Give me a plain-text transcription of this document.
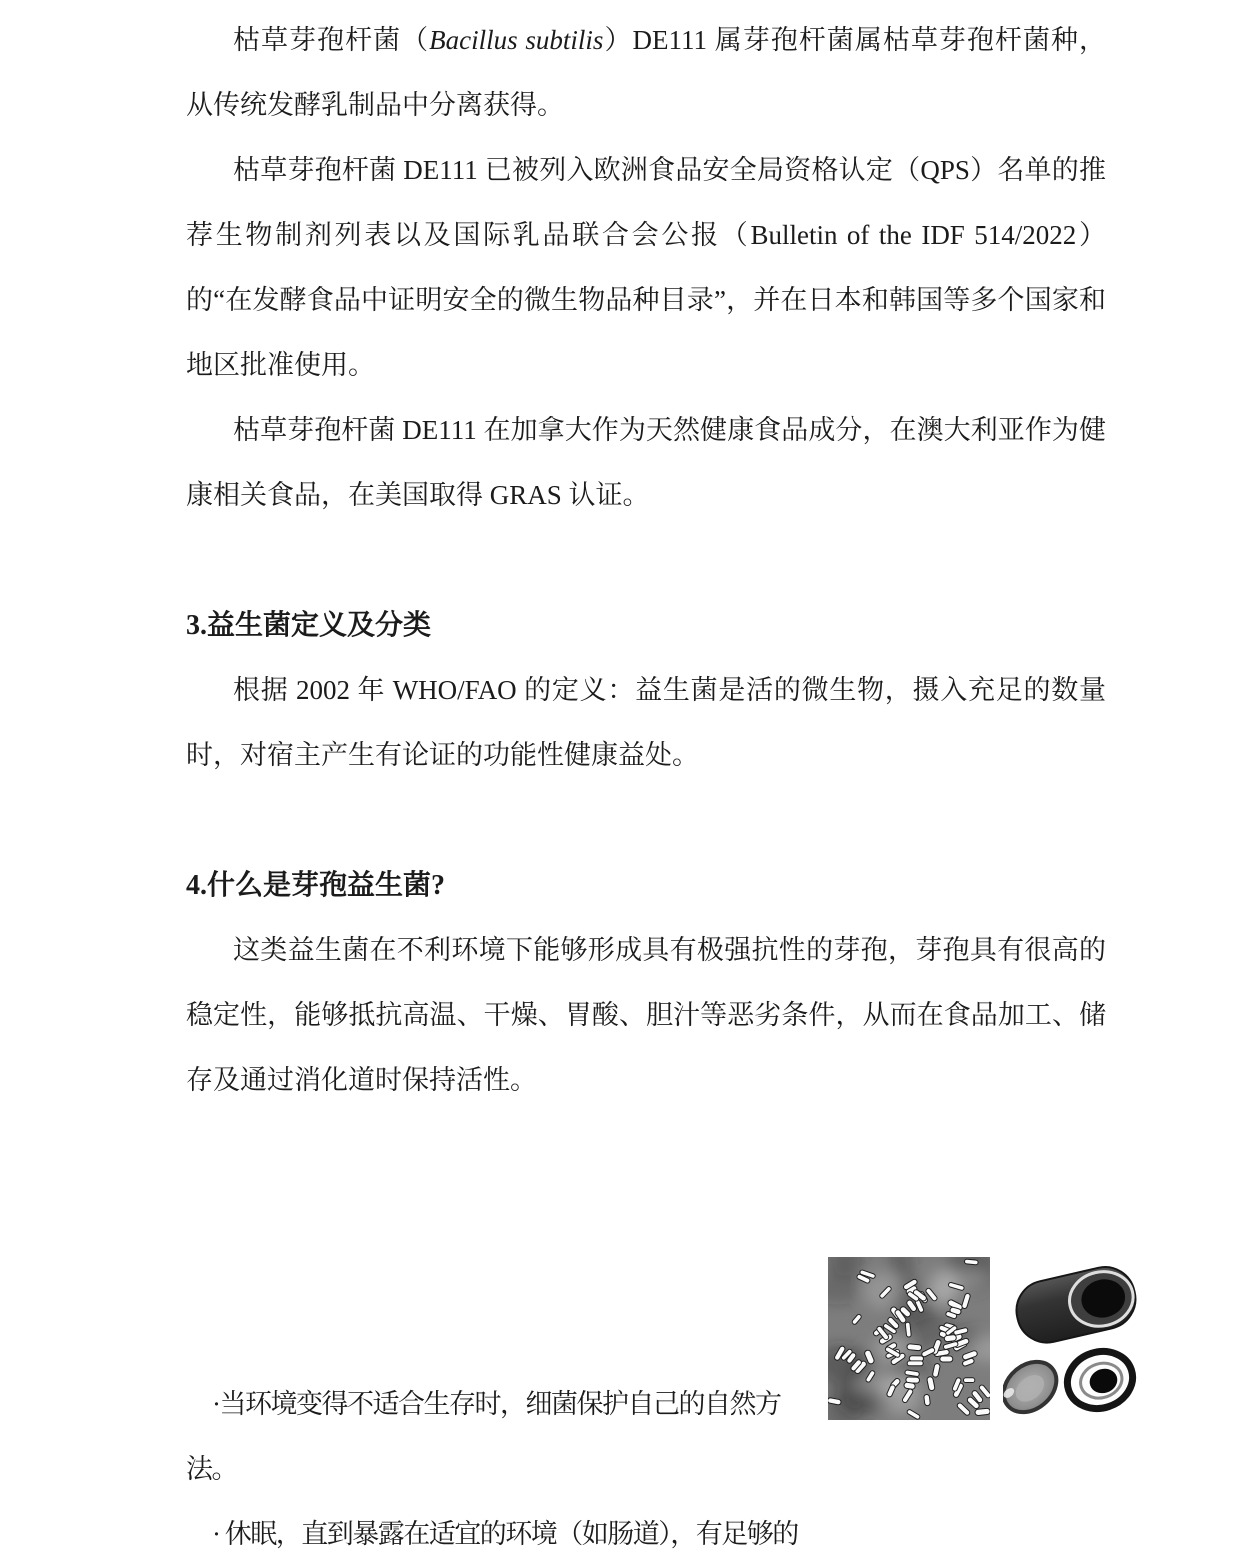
枯草芽孢杆菌（Bacillus subtilis）DE111 属芽孢杆菌属枯草芽孢杆菌种，从传统发酵乳制品中分离获得。

枯草芽孢杆菌 DE111 已被列入欧洲食品安全局资格认定（QPS）名单的推荐生物制剂列表以及国际乳品联合会公报（Bulletin of the IDF 514/2022）的“在发酵食品中证明安全的微生物品种目录”，并在日本和韩国等多个国家和地区批准使用。

枯草芽孢杆菌 DE111 在加拿大作为天然健康食品成分，在澳大利亚作为健康相关食品，在美国取得 GRAS 认证。

3.益生菌定义及分类

根据 2002 年 WHO/FAO 的定义：益生菌是活的微生物，摄入充足的数量时，对宿主产生有论证的功能性健康益处。

4.什么是芽孢益生菌?

这类益生菌在不利环境下能够形成具有极强抗性的芽孢，芽孢具有很高的稳定性，能够抵抗高温、干燥、胃酸、胆汁等恶劣条件，从而在食品加工、储存及通过消化道时保持活性。

·当环境变得不适合生存时，细菌保护自己的自然方法。

· 休眠，直到暴露在适宜的环境（如肠道），有足够的
